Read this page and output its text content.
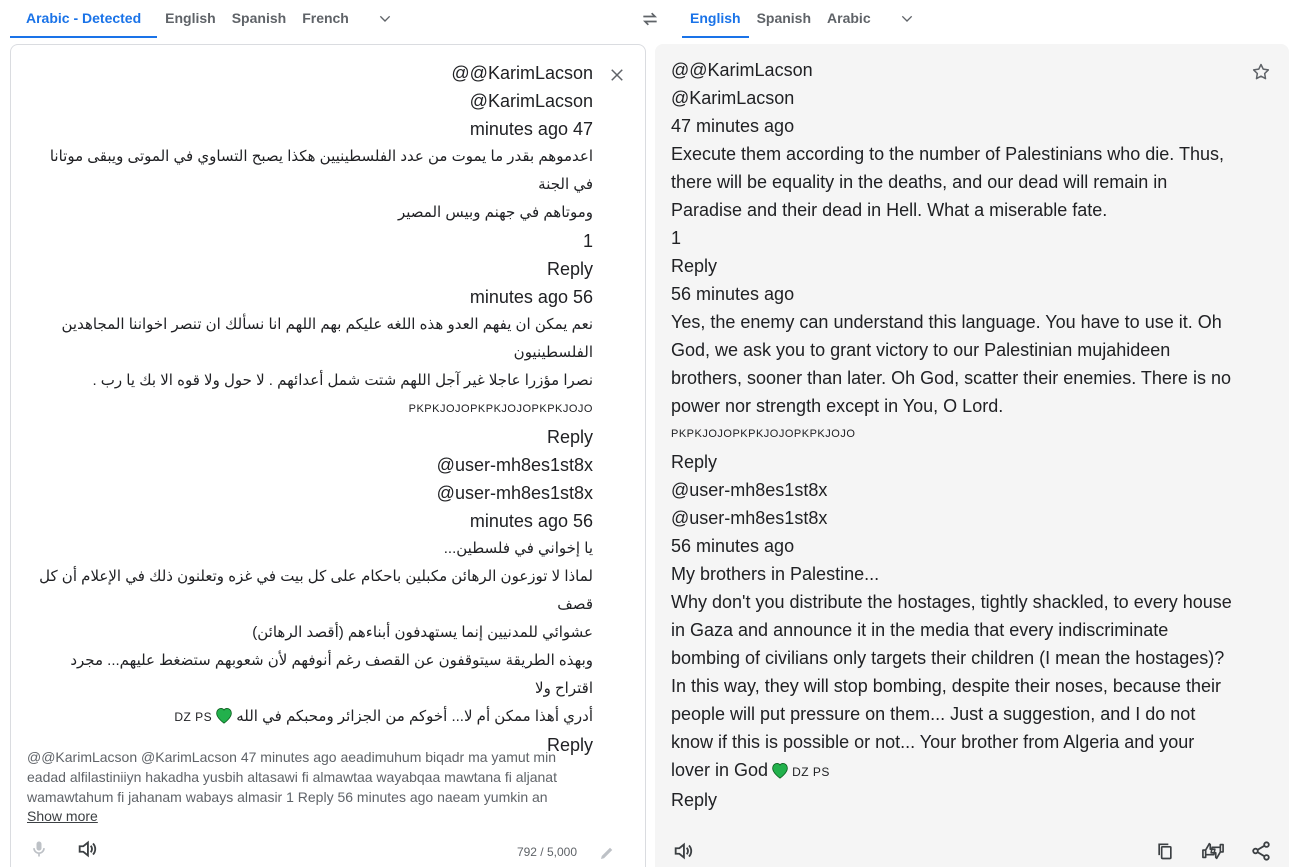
Arabic - Detected	English	Spanish	French	English	Spanish	Arabic
KarimLacson@@
KarimLacson@
minutes ago 47
اعدموهم بقدر ما يموت من عدد الفلسطينيين هكذا يصبح التساوي في الموتى ويبقى موتانا في الجنة
وموتاهم في جهنم وبيس المصير
1
Reply
minutes ago 56
نعم يمكن ان يفهم العدو هذه اللغه عليكم بهم اللهم انا نسألك ان تنصر اخواننا المجاهدين الفلسطينيون
نصرا مؤزرا عاجلا غير آجل اللهم شتت شمل أعدائهم . لا حول ولا قوه الا بك يا رب .
PKPKJOJOPKPKJOJOPKPKJOJO
Reply
user-mh8es1st8x@
user-mh8es1st8x@
minutes ago 56
يا إخواني في فلسطين...
لماذا لا توزعون الرهائن مكبلين باحكام على كل بيت في غزه وتعلنون ذلك في الإعلام أن كل قصف
عشوائي للمدنيين إنما يستهدفون أبناءهم (أقصد الرهائن)
وبهذه الطريقة سيتوقفون عن القصف رغم أنوفهم لأن شعوبهم ستضغط عليهم... مجرد اقتراح ولا
أدري أهذا ممكن أم لا... أخوكم من الجزائر ومحبكم في اللهDZ PS
Reply
@@KarimLacson @KarimLacson 47 minutes ago aeadimuhum biqadr ma yamut min eadad alfilastiniiyn hakadha yusbih altasawi fi almawtaa wayabqaa mawtana fi aljanat wamawtahum fi jahanam wabays almasir 1 Reply 56 minutes ago naeam yumkin an
Show more
792 / 5,000
@@KarimLacson
@KarimLacson
47 minutes ago
Execute them according to the number of Palestinians who die. Thus,
there will be equality in the deaths, and our dead will remain in
Paradise and their dead in Hell. What a miserable fate.
1
Reply
56 minutes ago
Yes, the enemy can understand this language. You have to use it. Oh
God, we ask you to grant victory to our Palestinian mujahideen
brothers, sooner than later. Oh God, scatter their enemies. There is no
power nor strength except in You, O Lord.
PKPKJOJOPKPKJOJOPKPKJOJO
Reply
@user-mh8es1st8x
@user-mh8es1st8x
56 minutes ago
My brothers in Palestine...
Why don't you distribute the hostages, tightly shackled, to every house
in Gaza and announce it in the media that every indiscriminate
bombing of civilians only targets their children (I mean the hostages)?
In this way, they will stop bombing, despite their noses, because their
people will put pressure on them... Just a suggestion, and I do not
know if this is possible or not... Your brother from Algeria and your
lover in God DZ PS
Reply
